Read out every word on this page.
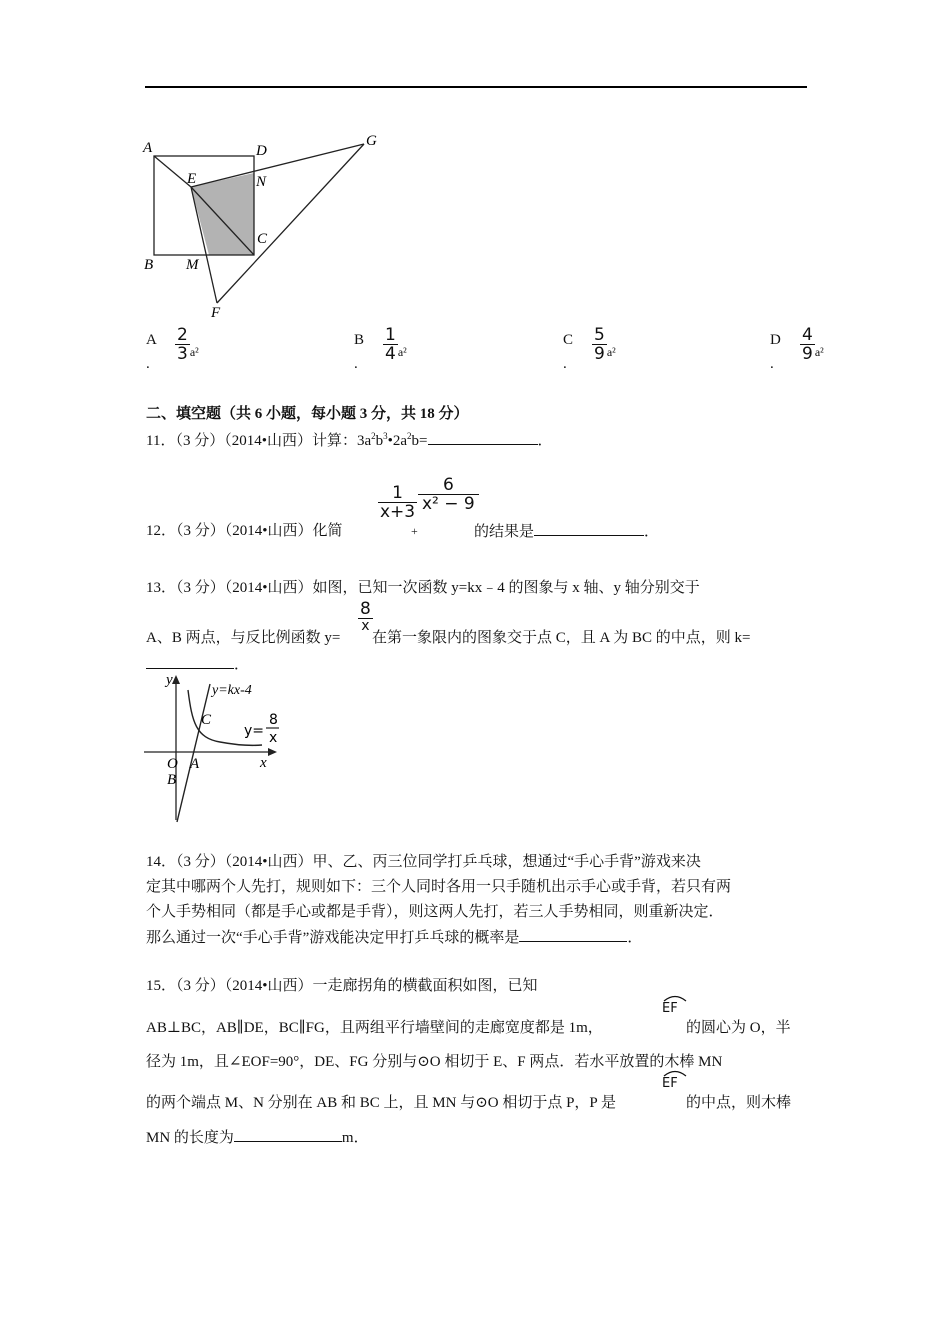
A	D
G
E	N
C
B M
F
A
.
$\frac{2}{3} _{a^2}$
B
.
$\frac{1}{4} _{a^2}$
C
.
$\frac{5}{9} _{a^2}$
D
.
$\frac{4}{9} _{a^2}$
二、填空题（共 6 小题，每小题 3 分，共 18 分）
11．（3 分）（2014•山西）计算：$3a^2b^3•2a^2b=$	．
12．（3 分）（2014•山西）化简
$\frac{1}{x+3}$
+
$\frac{6}{\text{x² − 9}}$
的结果是	．
13．（3 分）（2014•山西）如图，已知一次函数 y=kx﹣4 的图象与 x 轴、y 轴分别交于
A、B 两点，与反比例函数 y=
$\frac{8}{x}$
在第一象限内的图象交于点 C，且 A 为 BC 的中点，则 k=
．
y
x
O A
B
C
y=kx-4
y=
8
x
14．（3 分）（2014•山西）甲、乙、丙三位同学打乒乓球，想通过“手心手背”游戏来决
定其中哪两个人先打，规则如下：三个人同时各用一只手随机出示手心或手背，若只有两
个人手势相同（都是手心或都是手背），则这两人先打，若三人手势相同，则重新决定．
那么通过一次“手心手背”游戏能决定甲打乒乓球的概率是	．
15．（3 分）（2014•山西）一走廊拐角的横截面积如图，已知
AB⊥BC，AB∥DE，BC∥FG，且两组平行墙壁间的走廊宽度都是 1m，
EF
的圆心为 O，半
径为 1m，且∠EOF=90°，DE、FG 分别与⊙O 相切于 E、F 两点．若水平放置的木棒 MN
的两个端点 M、N 分别在 AB 和 BC 上，且 MN 与⊙O 相切于点 P，P 是
EF
的中点，则木棒
MN 的长度为	m．
